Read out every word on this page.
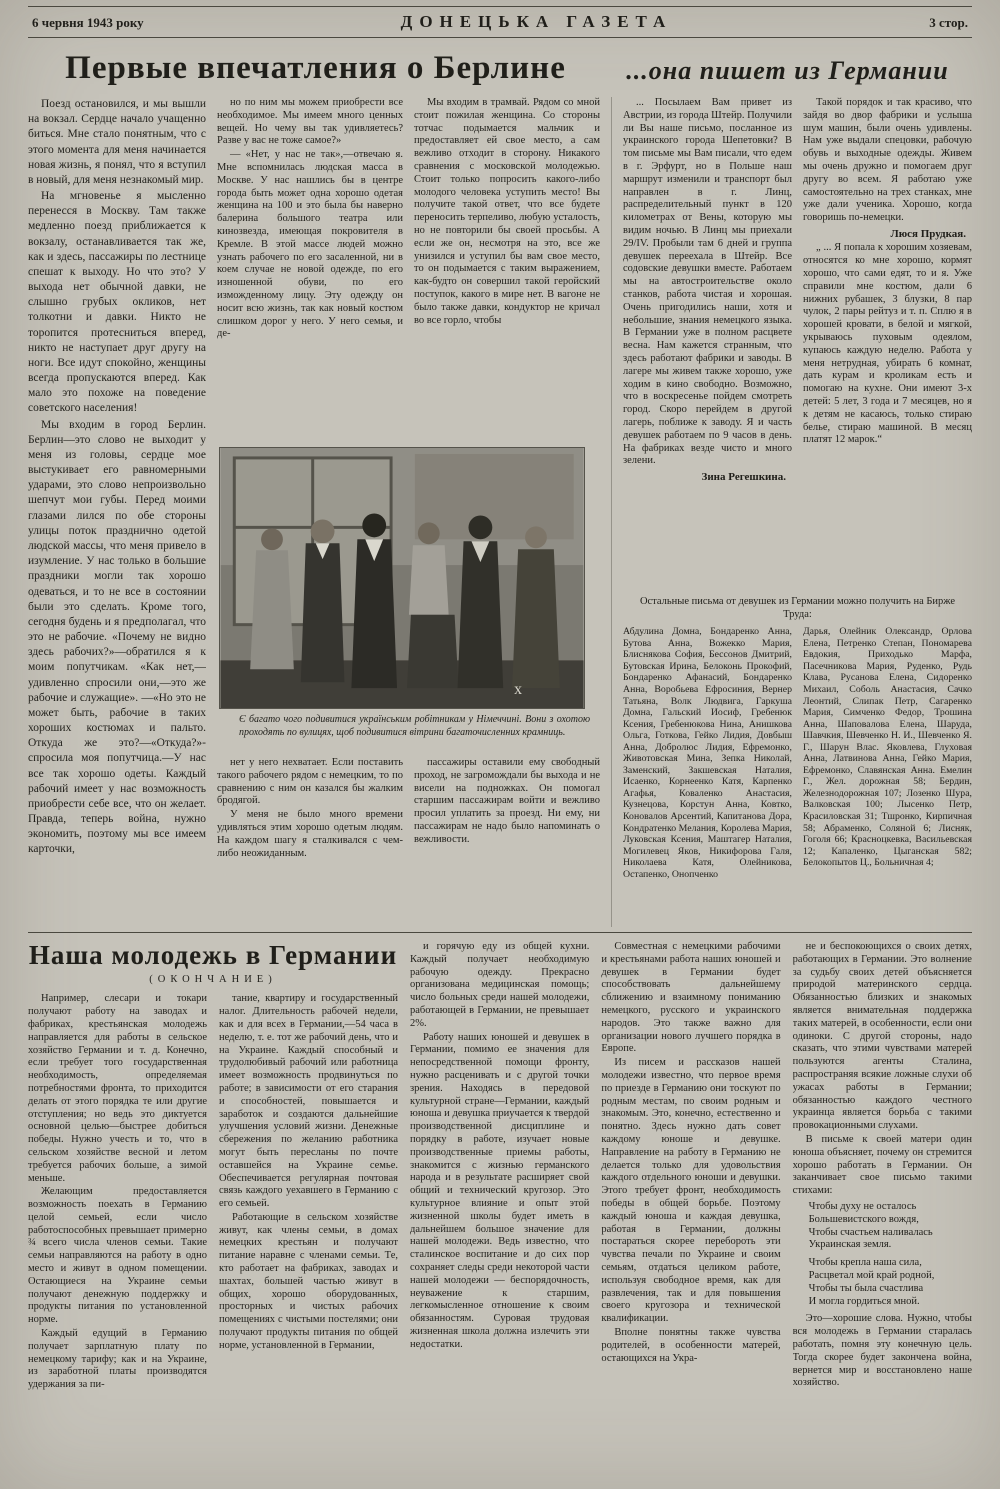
6 червня 1943 року	ДОНЕЦЬКА ГАЗЕТА	3 стор.
Первые впечатления о Берлине	...она пишет из Германии

Поезд остановился, и мы вышли на вокзал. Сердце начало учащенно биться. Мне стало понятным, что с этого момента для меня начинается новая жизнь, я понял, что я вступил в новый, для меня незнакомый мир.

На мгновенье я мысленно перенесся в Москву. Там также медленно поезд приближается к вокзалу, останавливается так же, как и здесь, пассажиры по лестнице спешат к выходу. Но что это? У выхода нет обычной давки, не слышно грубых окликов, нет толкотни и давки. Никто не торопится протесниться вперед, никто не наступает друг другу на ноги. Все идут спокойно, женщины всегда пропускаются вперед. Как мало это похоже на поведение советского населения!

Мы входим в город Берлин. Берлин—это слово не выходит у меня из головы, сердце мое выстукивает его равномерными ударами, это слово непроизвольно шепчут мои губы. Перед моими глазами лился по обе стороны улицы поток празднично одетой людской массы, что меня привело в изумление. У нас только в большие праздники могли так хорошо одеваться, и то не все в состоянии были это сделать. Кроме того, сегодня будень и я предполагал, что это не рабочие. «Почему не видно здесь рабочих?»—обратился я к моим попутчикам. «Как нет,— удивленно спросили они,—это же рабочие и служащие». —«Но это не может быть, рабочие в таких хороших костюмах и пальто. Откуда же это?—«Откуда?»-спросила моя попутчица.—У нас все так хорошо одеты. Каждый рабочий имеет у нас возможность приобрести себе все, что он желает. Правда, теперь война, нужно экономить, поэтому мы все имеем карточки,

но по ним мы можем приобрести все необходимое. Мы имеем много ценных вещей. Но чему вы так удивляетесь? Разве у вас не тоже самое?»

— «Нет, у нас не так»,—отвечаю я. Мне вспомнилась людская масса в Москве. У нас нашлись бы в центре города быть может одна хорошо одетая женщина на 100 и это была бы наверно балерина большого театра или кинозвезда, имеющая покровителя в Кремле. В этой массе людей можно узнать рабочего по его засаленной, ни в коем случае не новой одежде, по его изношенной обуви, по его изможденному лицу. Эту одежду он носит всю жизнь, так как новый костюм слишком дорог у него. У него семья, и де-

Мы входим в трамвай. Рядом со мной стоит пожилая женщина. Со стороны тотчас подымается мальчик и предоставляет ей свое место, а сам вежливо отходит в сторону. Никакого сравнения с московской молодежью. Стоит только попросить какого-либо молодого человека уступить место! Вы получите такой ответ, что все будете переносить терпеливо, любую усталость, но не повторили бы своей просьбы. А если же он, несмотря на это, все же унизился и уступил бы вам свое место, то он подымается с таким выражением, как-будто он совершил такой геройский поступок, какого в мире нет. В вагоне не было также давки, кондуктор не кричал во все горло, чтобы

x
Є багато чого подивитися українським робітникам у Німеччині. Вони з охотою проходять по вулицях, щоб подивитися вітрини багаточисленних крамниць.

нет у него нехватает. Если поставить такого рабочего рядом с немецким, то по сравнению с ним он казался бы жалким бродягой.

У меня не было много времени удивляться этим хорошо одетым людям. На каждом шагу я сталкивался с чем-либо неожиданным.

пассажиры оставили ему свободный проход, не загромождали бы выхода и не висели на подножках. Он помогал старшим пассажирам войти и вежливо просил уплатить за проезд. Ни ему, ни пассажирам не надо было напоминать о вежливости.

... Посылаем Вам привет из Австрии, из города Штейр. Получили ли Вы наше письмо, посланное из украинского города Шепетовки? В том письме мы Вам писали, что едем в г. Эрфурт, но в Польше наш маршрут изменили и транспорт был направлен в г. Линц, распределительный пункт в 120 километрах от Вены, которую мы видим ночью. В Линц мы приехали 29/IV. Пробыли там 6 дней и группа девушек переехала в Штейр. Все содовские девушки вместе. Работаем мы на автостроительстве около станков, работа чистая и хорошая. Очень пригодились наши, хотя и небольшие, знания немецкого языка. В Германии уже в полном расцвете весна. Нам кажется странным, что здесь работают фабрики и заводы. В лагере мы живем также хорошо, уже ходим в кино свободно. Возможно, что в воскресенье пойдем смотреть город. Скоро перейдем в другой лагерь, поближе к заводу. Я и часть девушек работаем по 9 часов в день. На фабриках везде чисто и много зелени.

Зина Регешкина.

Такой порядок и так красиво, что зайдя во двор фабрики и услыша шум машин, были очень удивлены. Нам уже выдали спецовки, рабочую обувь и выходные одежды. Живем мы очень дружно и помогаем друг другу во всем. Я работаю уже самостоятельно на трех станках, мне уже дали ученика. Хорошо, когда говоришь по-немецки.

Люся Прудкая.

„ ... Я попала к хорошим хозяевам, относятся ко мне хорошо, кормят хорошо, что сами едят, то и я. Уже справили мне костюм, дали 6 нижних рубашек, 3 блузки, 8 пар чулок, 2 пары рейтуз и т. п. Сплю я в хорошей кровати, в белой и мягкой, укрываюсь пуховым одеялом, купаюсь каждую неделю. Работа у меня нетрудная, убирать 6 комнат, дать курам и кроликам есть и помогаю на кухне. Они имеют 3-х детей: 5 лет, 3 года и 7 месяцев, но я к детям не касаюсь, только стираю белье, стираю машиной. В месяц платят 12 марок.“

Остальные письма от девушек из Германии можно получить на Бирже Труда:
Абдулина Домна, Бондаренко Анна, Бутова Анна, Вожекко Мария, Блиснякова София, Бессонов Дмитрий, Бутовская Ирина, Белоконь Прокофий, Бондаренко Афанасий, Бондаренко Анна, Воробьева Ефросиния, Вернер Татьяна, Волк Людвига, Гаркуша Домна, Гальский Иосиф, Гребенюк Ксения, Гребенюкова Нина, Анишкова Ольга, Готкова, Гейко Лидия, Довбыш Анна, Добролюс Лидия, Ефремонко, Животовская Мина, Зепка Николай, Заменский, Закшевская Наталия, Исаенко, Корнеенко Катя, Карпенко Агафья, Коваленко Анастасия, Кузнецова, Корстун Анна, Ковтко, Коновалов Арсентий, Капитанова Дора, Кондратенко Мелания, Королева Мария, Луковская Ксения, Маштагер Наталия, Могилевец Яков, Никифорова Галя, Николаева Катя, Олейникова, Остапенко, Онопченко
Дарья, Олейник Олександр, Орлова Елена, Петренко Степан, Пономарева Евдокия, Приходько Марфа, Пасечникова Мария, Руденко, Рудь Клава, Русанова Елена, Сидоренко Михаил, Соболь Анастасия, Сачко Леонтий, Слипак Петр, Сагаренко Мария, Симченко Федор, Трошина Анна, Шаповалова Елена, Шаруда, Шавчкия, Шевченко Н. И., Шевченко Я. Г., Шарун Влас. Яковлева, Глуховая Анна, Латвинова Анна, Гейко Мария, Ефремонко, Славянская Анна. Емелин Г., Жел. дорожная 58; Бердин, Железнодорожная 107; Лозенко Шура, Валковская 100; Лысенко Петр, Красиловская 31; Тшронко, Кирпичная 58; Абраменко, Соляной 6; Лисняк, Гоголя 66; Красноцкевка, Васильевская 12; Капаленко, Цыганская 582; Белокопытов Ц., Больничная 4;
Наша молодежь в Германии
(ОКОНЧАНИЕ)

Например, слесари и токари получают работу на заводах и фабриках, крестьянская молодежь направляется для работы в сельское хозяйство Германии и т. д. Конечно, если требует того государственная необходимость, определяемая потребностями фронта, то приходится делать от этого порядка те или другие отступления; но ведь это диктуется основной целью—быстрее добиться победы. Нужно учесть и то, что в сельском хозяйстве весной и летом требуется рабочих больше, а зимой меньше.

Желающим предоставляется возможность поехать в Германию целой семьей, если число работоспособных превышает примерно ¾ всего числа членов семьи. Такие семьи направляются на работу в одно место и живут в одном помещении. Остающиеся на Украине семьи получают денежную поддержку и продукты питания по установленной норме.

Каждый едущий в Германию получает зарплатную плату по немецкому тарифу; как и на Украине, из заработной платы производятся удержания за пи-

тание, квартиру и государственный налог. Длительность рабочей недели, как и для всех в Германии,—54 часа в неделю, т. е. тот же рабочий день, что и на Украине. Каждый способный и трудолюбивый рабочий или работница имеет возможность продвинуться по работе; в зависимости от его старания и способностей, повышается и заработок и создаются дальнейшие улучшения условий жизни. Денежные сбережения по желанию работника могут быть пересланы по почте оставшейся на Украине семье. Обеспечивается регулярная почтовая связь каждого уехавшего в Германию с его семьей.

Работающие в сельском хозяйстве живут, как члены семьи, в домах немецких крестьян и получают питание наравне с членами семьи. Те, кто работает на фабриках, заводах и шахтах, большей частью живут в общих, хорошо оборудованных, просторных и чистых рабочих помещениях с чистыми постелями; они получают продукты питания по общей норме, установленной в Германии,

и горячую еду из общей кухни. Каждый получает необходимую рабочую одежду. Прекрасно организована медицинская помощь; число больных среди нашей молодежи, работающей в Германии, не превышает 2%.

Работу наших юношей и девушек в Германии, помимо ее значения для непосредственной помощи фронту, нужно расценивать и с другой точки зрения. Находясь в передовой культурной стране—Германии, каждый юноша и девушка приучается к твердой производственной дисциплине и порядку в работе, изучает новые производственные приемы работы, знакомится с жизнью германского народа и в результате расширяет свой общий и технический кругозор. Это культурное влияние и опыт этой жизненной школы будет иметь в дальнейшем большое значение для нашей молодежи. Ведь известно, что сталинское воспитание и до сих пор сохраняет следы среди некоторой части нашей молодежи — беспорядочность, неуважение к старшим, легкомысленное отношение к своим обязанностям. Суровая трудовая жизненная школа должна излечить эти недостатки.

Совместная с немецкими рабочими и крестьянами работа наших юношей и девушек в Германии будет способствовать дальнейшему сближению и взаимному пониманию немецкого, русского и украинского народов. Это также важно для организации нового лучшего порядка в Европе.

Из писем и рассказов нашей молодежи известно, что первое время по приезде в Германию они тоскуют по родным местам, по своим родным и знакомым. Это, конечно, естественно и понятно. Здесь нужно дать совет каждому юноше и девушке. Направление на работу в Германию не делается только для удовольствия каждого отдельного юноши и девушки. Этого требует фронт, необходимость победы в общей борьбе. Поэтому каждый юноша и каждая девушка, работая в Германии, должны постараться скорее перебороть эти чувства печали по Украине и своим семьям, отдаться целиком работе, используя свободное время, как для развлечения, так и для повышения своего кругозора и технической квалификации.

Вполне понятны также чувства родителей, в особенности матерей, остающихся на Укра-

не и беспокоющихся о своих детях, работающих в Германии. Это волнение за судьбу своих детей объясняется природой материнского сердца. Обязанностью близких и знакомых является внимательная поддержка таких матерей, в особенности, если они одиноки. С другой стороны, надо сказать, что этими чувствами матерей пользуются агенты Сталина, распространяя всякие ложные слухи об ужасах работы в Германии; обязанностью каждого честного украинца является борьба с такими провокационными слухами.

В письме к своей матери один юноша объясняет, почему он стремится хорошо работать в Германии. Он заканчивает свое письмо такими стихами:

Чтобы духу не осталось

Большевистского вождя,

Чтобы счастьем наливалась

Украинская земля.

Чтобы крепла наша сила,

Расцветал мой край родной,

Чтобы ты была счастлива

И могла гордиться мной.

Это—хорошие слова. Нужно, чтобы вся молодежь в Германии старалась работать, помня эту конечную цель. Тогда скорее будет закончена война, вернется мир и восстановлено наше хозяйство.
